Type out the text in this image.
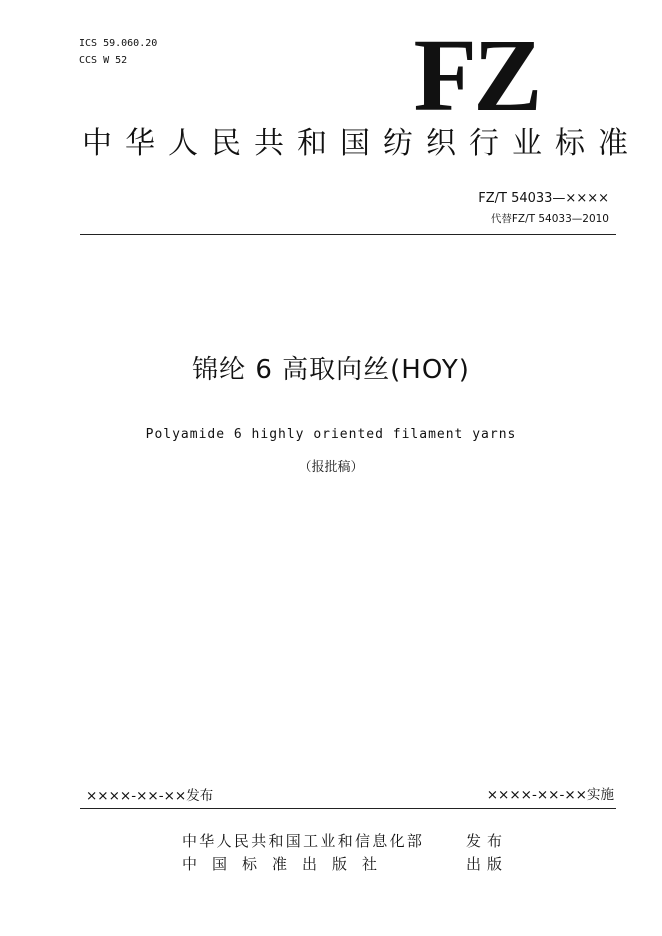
ICS 59.060.20
CCS W 52	FZ
中华人民共和国纺织行业标准
FZ/T 54033—××××
代替FZ/T 54033—2010
锦纶 6 高取向丝(HOY)
Polyamide 6 highly oriented filament yarns
（报批稿）
××××-××-××发布	××××-××-××实施
中华人民共和国工业和信息化部
中国标准出版社
发布
出版
